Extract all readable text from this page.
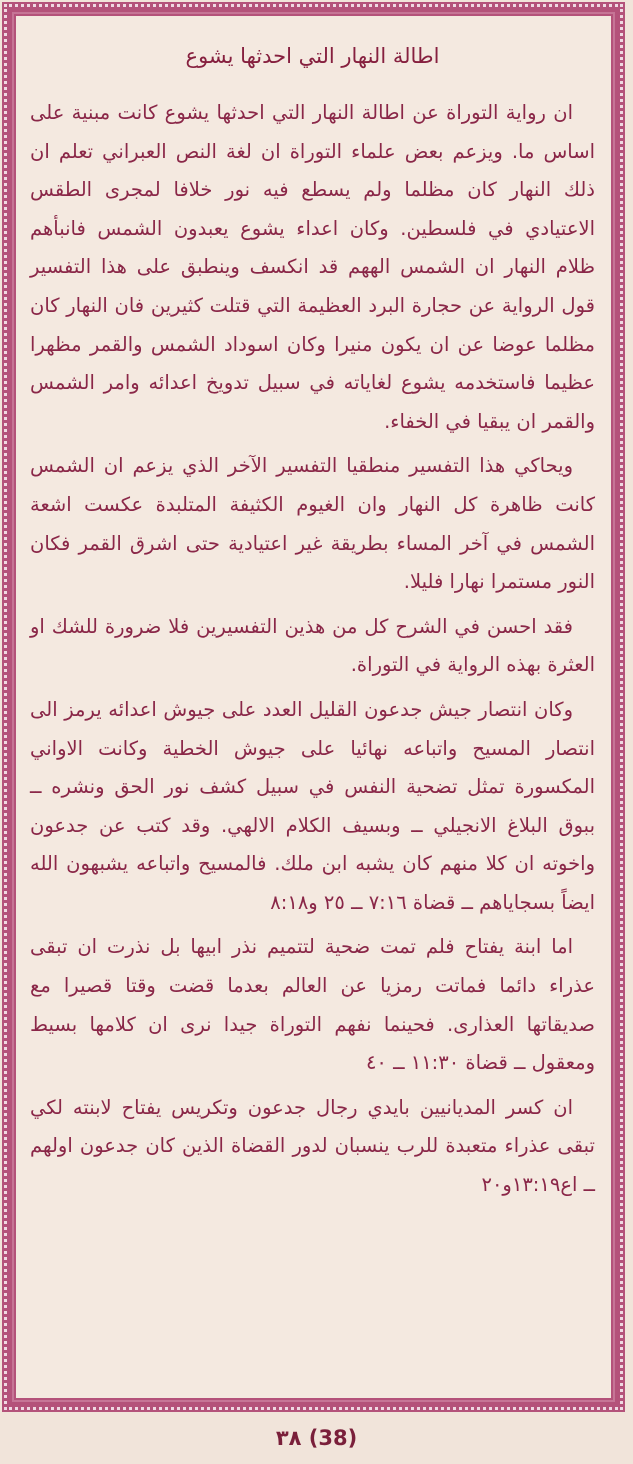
اطالة النهار التي احدثها يشوع

ان رواية التوراة عن اطالة النهار التي احدثها يشوع كانت مبنية على اساس ما. ويزعم بعض علماء التوراة ان لغة النص العبراني تعلم ان ذلك النهار كان مظلما ولم يسطع فيه نور خلافا لمجرى الطقس الاعتيادي في فلسطين. وكان اعداء يشوع يعبدون الشمس فانبأهم ظلام النهار ان الشمس الههم قد انكسف وينطبق على هذا التفسير قول الرواية عن حجارة البرد العظيمة التي قتلت كثيرين فان النهار كان مظلما عوضا عن ان يكون منيرا وكان اسوداد الشمس والقمر مظهرا عظيما فاستخدمه يشوع لغاياته في سبيل تدويخ اعدائه وامر الشمس والقمر ان يبقيا في الخفاء.

ويحاكي هذا التفسير منطقيا التفسير الآخر الذي يزعم ان الشمس كانت ظاهرة كل النهار وان الغيوم الكثيفة المتلبدة عكست اشعة الشمس في آخر المساء بطريقة غير اعتيادية حتى اشرق القمر فكان النور مستمرا نهارا فليلا.

فقد احسن في الشرح كل من هذين التفسيرين فلا ضرورة للشك او العثرة بهذه الرواية في التوراة.

وكان انتصار جيش جدعون القليل العدد على جيوش اعدائه يرمز الى انتصار المسيح واتباعه نهائيا على جيوش الخطية وكانت الاواني المكسورة تمثل تضحية النفس في سبيل كشف نور الحق ونشره ــ ببوق البلاغ الانجيلي ــ وبسيف الكلام الالهي. وقد كتب عن جدعون واخوته ان كلا منهم كان يشبه ابن ملك. فالمسيح واتباعه يشبهون الله ايضاً بسجاياهم ــ قضاة ٧:١٦ ــ ٢٥ و٨:١٨

اما ابنة يفتاح فلم تمت ضحية لتتميم نذر ابيها بل نذرت ان تبقى عذراء دائما فماتت رمزيا عن العالم بعدما قضت وقتا قصيرا مع صديقاتها العذارى. فحينما نفهم التوراة جيدا نرى ان كلامها بسيط ومعقول ــ قضاة ١١:٣٠ ــ ٤٠

ان كسر المديانيين بايدي رجال جدعون وتكريس يفتاح لابنته لكي تبقى عذراء متعبدة للرب ينسبان لدور القضاة الذين كان جدعون اولهم ــ اع١٣:١٩و٢٠

٣٨ (38)
